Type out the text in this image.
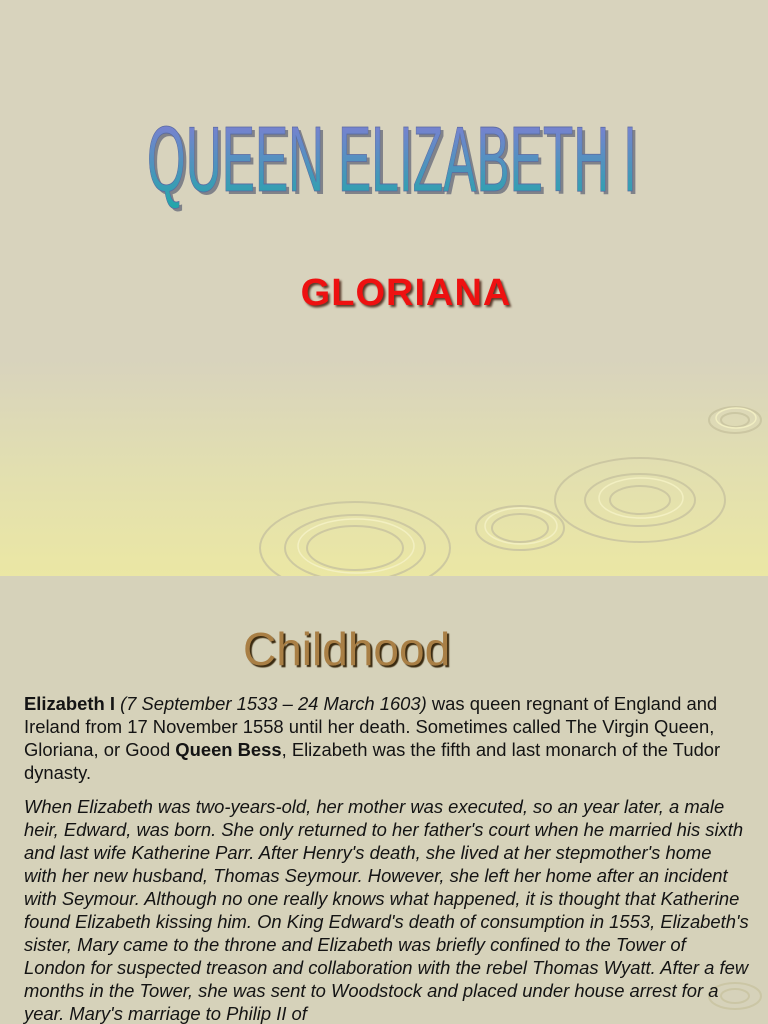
QUEEN ELIZABETH I
QUEEN ELIZABETH I
GLORIANA
Childhood

Elizabeth I (7 September 1533 – 24 March 1603) was queen regnant of England and Ireland from 17 November 1558 until her death. Sometimes called The Virgin Queen, Gloriana, or Good Queen Bess, Elizabeth was the fifth and last monarch of the Tudor dynasty.

When Elizabeth was two-years-old, her mother was executed, so an year later, a male heir, Edward, was born. She only returned to her father's court when he married his sixth and last wife Katherine Parr. After Henry's death, she lived at her stepmother's home with her new husband, Thomas Seymour. However, she left her home after an incident with Seymour. Although no one really knows what happened, it is thought that Katherine found Elizabeth kissing him. On King Edward's death of consumption in 1553, Elizabeth's sister, Mary came to the throne and Elizabeth was briefly confined to the Tower of London for suspected treason and collaboration with the rebel Thomas Wyatt. After a few months in the Tower, she was sent to Woodstock and placed under house arrest for a year. Mary's marriage to Philip II of
